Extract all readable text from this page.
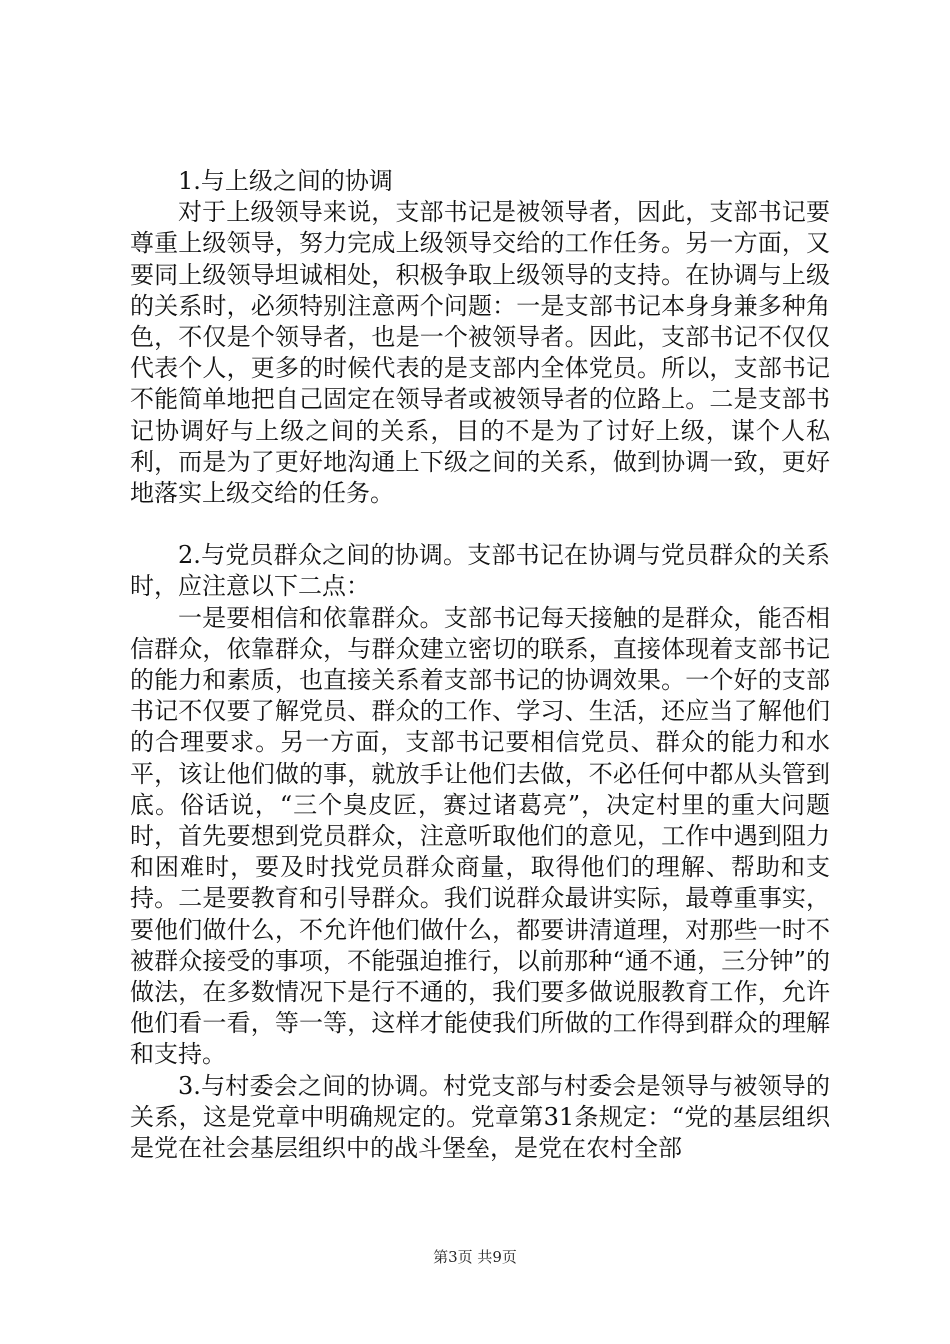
1.与上级之间的协调

对于上级领导来说，支部书记是被领导者，因此，支部书记要尊重上级领导，努力完成上级领导交给的工作任务。另一方面，又要同上级领导坦诚相处，积极争取上级领导的支持。在协调与上级的关系时，必须特别注意两个问题：一是支部书记本身身兼多种角色，不仅是个领导者，也是一个被领导者。因此，支部书记不仅仅代表个人，更多的时候代表的是支部内全体党员。所以，支部书记不能简单地把自己固定在领导者或被领导者的位路上。二是支部书记协调好与上级之间的关系，目的不是为了讨好上级，谋个人私利，而是为了更好地沟通上下级之间的关系，做到协调一致，更好地落实上级交给的任务。

2.与党员群众之间的协调。支部书记在协调与党员群众的关系时，应注意以下二点：

一是要相信和依靠群众。支部书记每天接触的是群众，能否相信群众，依靠群众，与群众建立密切的联系，直接体现着支部书记的能力和素质，也直接关系着支部书记的协调效果。一个好的支部书记不仅要了解党员、群众的工作、学习、生活，还应当了解他们的合理要求。另一方面，支部书记要相信党员、群众的能力和水平，该让他们做的事，就放手让他们去做，不必任何中都从头管到底。俗话说，“三个臭皮匠，赛过诸葛亮”，决定村里的重大问题时，首先要想到党员群众，注意听取他们的意见，工作中遇到阻力和困难时，要及时找党员群众商量，取得他们的理解、帮助和支持。二是要教育和引导群众。我们说群众最讲实际，最尊重事实，要他们做什么，不允许他们做什么，都要讲清道理，对那些一时不被群众接受的事项，不能强迫推行，以前那种“通不通，三分钟”的做法，在多数情况下是行不通的，我们要多做说服教育工作，允许他们看一看，等一等，这样才能使我们所做的工作得到群众的理解和支持。

3.与村委会之间的协调。村党支部与村委会是领导与被领导的关系，这是党章中明确规定的。党章第31条规定：“党的基层组织是党在社会基层组织中的战斗堡垒，是党在农村全部

第3页 共9页
